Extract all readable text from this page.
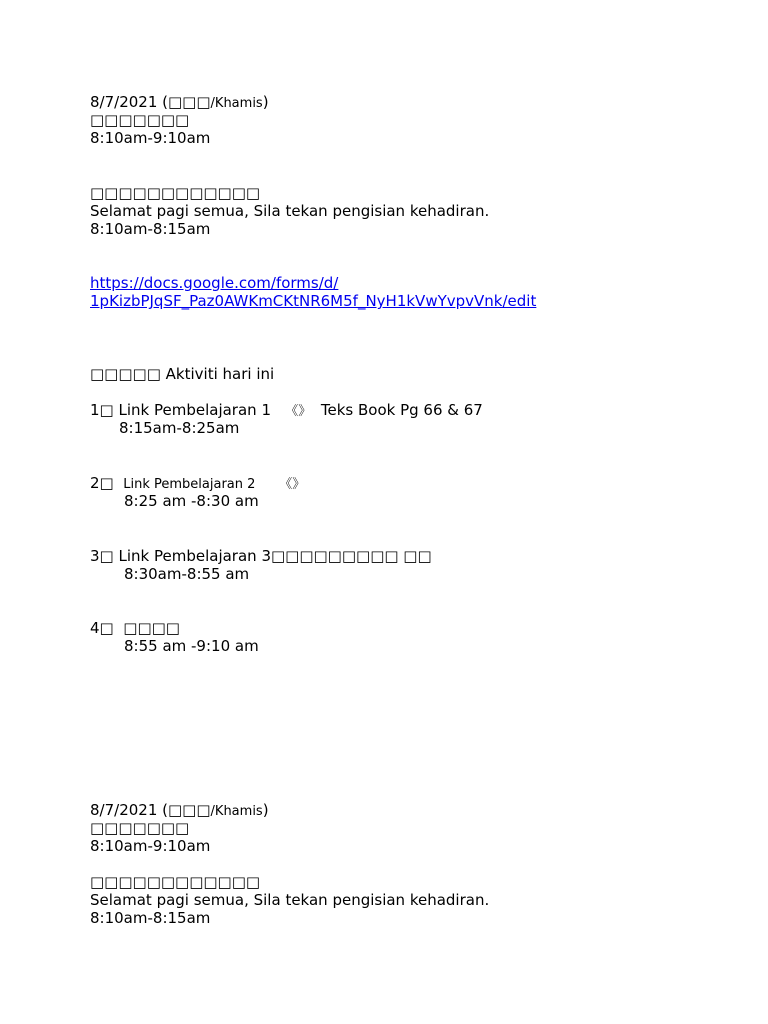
8/7/2021 (□□□/Khamis)
□□□□□□□
8:10am-9:10am
□□□□□□□□□□□□
Selamat pagi semua, Sila tekan pengisian kehadiran.
8:10am-8:15am
https://docs.google.com/forms/d/
1pKizbPJqSF_Paz0AWKmCKtNR6M5f_NyH1kVwYvpvVnk/edit
□□□□□ Aktiviti hari ini
1□ Link Pembelajaran 1 《》 Teks Book Pg 66 & 67
8:15am-8:25am
2□ Link Pembelajaran 2 《》
8:25 am -8:30 am
3□ Link Pembelajaran 3□□□□□□□□□ □□
8:30am-8:55 am
4□ □□□□
8:55 am -9:10 am
8/7/2021 (□□□/Khamis)
□□□□□□□
8:10am-9:10am
□□□□□□□□□□□□
Selamat pagi semua, Sila tekan pengisian kehadiran.
8:10am-8:15am
